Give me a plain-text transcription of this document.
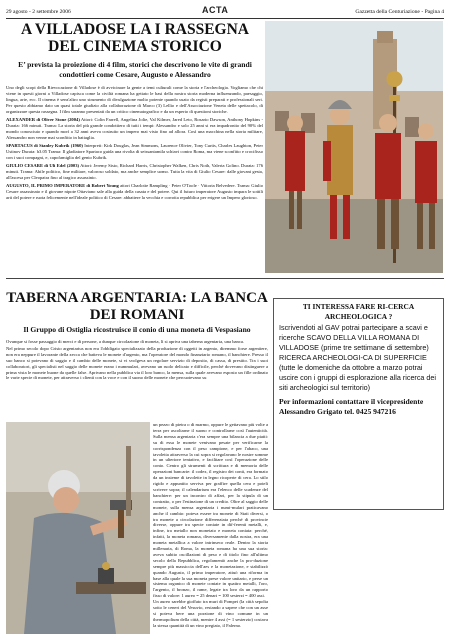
29 agosto - 2 settembre 2006	ACTA	Gazzetta della Centuriazione - Pagina 4
A VILLADOSE LA I RASSEGNA DEL CINEMA STORICO
E’ prevista la proiezione di 4 film, storici che descrivono le vite di grandi condottieri come Cesare, Augusto e Alessandro

Uno degli scopi della Rievocazione di Villadose è di avvicinare la gente a temi culturali come la storia e l'archeologia. Vogliamo che chi viene in questi giorni a Villadose capisca come la civiltà romana ha gettato le basi della nostra storia moderna influenzando, paesaggio, lingua, arte, ecc. Il cinema è senz'altro uno strumento di divulgazione molto potente quando usato da registi preparati e professionali seri. Per questo abbiamo dato un quasi totale giudizio alla collaborazione di Marco (3) Lellio e dell'Associazione Veneta delle spettacolo, di organizzare questa rassegna. I film saranno presentati da un critico cinematografico e da un esperto di questioni storiche.

ALEXANDER di Oliver Stone (2004) Attori: Colin Farrell, Angelina Jolie, Val Kilmer, Jared Leto, Rosario Dawson, Anthony Hopkins - Durata: 166 minuti. Trama: La storia del più grande condottiero di tutti i tempi: Alessandro e solo 25 anni si era impadronito del 90% del mondo conosciuto e quando morì a 32 anni aveva costruito un impero mai visto fino ad allora. Così una macchina nella storia militare, Alessandro non venne mai sconfitto in battaglia.

SPARTACUS di Stanley Kubrik (1960) Interpreti: Kirk Douglas, Jean Simmons, Laurence Olivier, Tony Curtis, Charles Laughton, Peter Ustinov Durata: h3.05 Trama: Il gladiatore Spartaco guida una rivolta di seissantamila schiavi contro Roma, ma viene sconfitto e crocifisso con i suoi compagni, e, capofamiglia del genio Kubrik.

GIULIO CESARE di Uli Edel (2003) Attori: Jeremy Sisto, Richard Harris, Christopher Walken, Chris Noth, Valeria Golino. Durata: 176 minuti. Trama: Abile politico, fine militare, valoroso soldato, ma anche semplice uomo. Tutta la vita di Giulio Cesare: dalle giovani gesta, all'ascesa per Cleopatra fino al tragico assassinio.

AUGUSTO, IL PRIMO IMPERATORE di Robert Young attori Charlotte Rampling · Peter O'Toole · Vittoria Belvedere. Trama: Giulio Cesare assassinato e il giovane nipote Ottaviano sale alla guida della casata e del potere. Qui il futuro imperatore Augusto impara le sottili arti del potere e ruota felicemente nell'ideale politico di Cesare: abbattere la vecchia e corrotta repubblica per erigere un Impero glorioso.

TABERNA ARGENTARIA: LA BANCA DEI ROMANI
Il Gruppo di Ostiglia ricostruisce il conio di una moneta di Vespasiano

Ovunque si fosse passaggio di merci e di persone, a dunque circolazione di moneta, lì si apriva una taberna argentaria, una banca.

Nel primo secolo dopo Cristo argentarius non era l'obbligato specializzato della produzione di oggetti in argento, diremmo forse argentiere, non era neppure il lavorante della zecca che batteva le monete d'argento, ma l'operatore del mondo finanziario romano, il banchiere. Presso il suo banco si potevano di saggio e il cambio delle monete, si vi svolgeva un regolare servizio di deposito, di cassa, di prestito. Tra i suoi collaboratori, gli specialisti nel saggio delle monete erano i nummulari, avevano un ruolo delicato e difficile, perché dovevano distinguere a prima vista le monete buone da quelle false. Aprivano nella pubblica via il loro banco, la mensa, sulla quale avevano esposto un fille ordinato le varie specie di monete, per attraverso i clienti con la voce e con il suono delle monete che percuotevano su

un pezzo di pietra o di marmo, oppure le gettavano più volte a terra per ascoltarne il suono e controllarne così l'autenticità. Sulla mensa argentaria c'era sempre una bilancia a due piatti: su di essa le monete venivano pesate per verificarne la corrispondenza con il peso campione, e per l'abaco, una tavoletta attraverso la cui sopra si regolavano le nostre somme in un ulteriore tentativo, e facilitare così l'operazione delle conto. Centro gli strumenti di scrittura e di memoria delle operazioni bancarie: il codex, il registro dei conti, era formato da un insieme di tavolette in legno ricoperte di cera. Lo stilo rigido e appuntito serviva per graffire quella cera e poteli scrivere sopra; il calendarium era l'elenco delle scadenze del banchiere: per un incontro di affari, per la stipula di un contratto, o per l'estinzione di un credito. Oltre al saggio delle monete, sulla mensa argentaria i numi-mulari praticavano anche il cambio: poteva essere tra monete di Stati diversi, o tra monete a circolazione differenziata perché di provincie diverse, oppure tra specie coniate in dif-ferenti metalli, e, infine, tra metallo non monetato e moneta coniata: perché, infatti, la moneta romana, diversamente dalla nostra, era una moneta metallica a valore intrinseco reale. Dentro la storia millenaria, di Roma, la moneta romana ha una sua storia: aveva subito oscillazioni di peso e di titolo fino all'ultimo secolo della Repubblica, regolamentò anche la pro-duzione sempre più massiccia dell'aes e la monetazione, e stabilizzò quando Augusto, il primo imperatore, attuò una riforma in base alla quale la sua moneta prese valore unitario, e perse un sistema organico di monete coniate in quattro metalli, l'oro, l'argento, il bronzo, il rame, legate tra loro da un rapporto fisso di valore: 1 aureo = 25 denari = 100 sesterzi = 400 assi.

Un aureo sarebbe gioffato tra muri di Pompei (la città sepolta sotto le ceneri del Vesuvio, restando a sapere che con un asse si poteva bere una porzione di vino comune in un thermopolium della città, mentre 4 assi (= 1 sesterzio) costava la stessa quantità di un vino pregiato, il Falerno.

TI INTERESSA FARE RI-CERCA ARCHEOLOGICA ?

Iscrivendoti al GAV potrai partecipare a scavi e ricerche SCAVO DELLA VILLA ROMANA DI VILLADOSE (prime tre settimane di settembre) RICERCA ARCHEOLOGI-CA DI SUPERFICIE (tutte le domeniche da ottobre a marzo potrai uscire con i gruppi di esplorazione alla ricerca dei siti archeologici sul territorio)

Per informazioni contattare il vicepresidente Alessandro Grigato tel. 0425 947216
